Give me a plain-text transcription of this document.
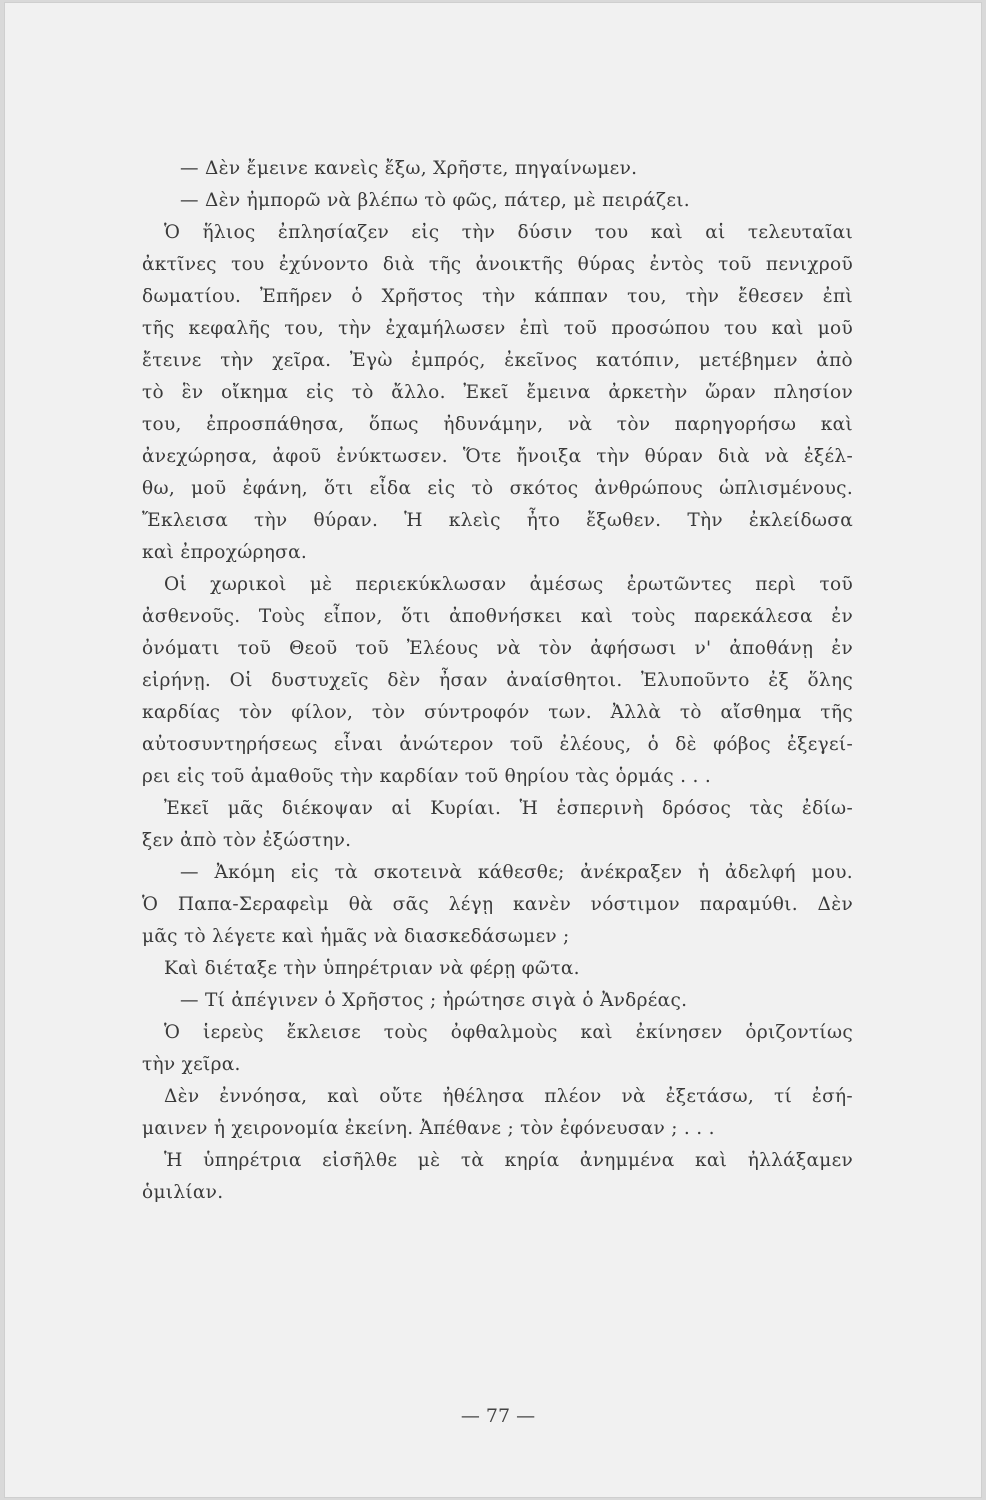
— Δὲν ἔμεινε κανεὶς ἔξω, Χρῆστε, πηγαίνωμεν.
— Δὲν ἠμπορῶ νὰ βλέπω τὸ φῶς, πάτερ, μὲ πειράζει.
Ὁ ἥλιος ἐπλησίαζεν εἰς τὴν δύσιν του καὶ αἱ τελευταῖαι
ἀκτῖνες του ἐχύνοντο διὰ τῆς ἀνοικτῆς θύρας ἐντὸς τοῦ πενιχροῦ
δωματίου. Ἐπῆρεν ὁ Χρῆστος τὴν κάππαν του, τὴν ἔθεσεν ἐπὶ
τῆς κεφαλῆς του, τὴν ἐχαμήλωσεν ἐπὶ τοῦ προσώπου του καὶ μοῦ
ἔτεινε τὴν χεῖρα. Ἐγὼ ἐμπρός, ἐκεῖνος κατόπιν, μετέβημεν ἀπὸ
τὸ ἓν οἴκημα εἰς τὸ ἄλλο. Ἐκεῖ ἔμεινα ἀρκετὴν ὥραν πλησίον
του, ἐπροσπάθησα, ὅπως ἠδυνάμην, νὰ τὸν παρηγορήσω καὶ
ἀνεχώρησα, ἀφοῦ ἐνύκτωσεν. Ὅτε ἤνοιξα τὴν θύραν διὰ νὰ ἐξέλ-
θω, μοῦ ἐφάνη, ὅτι εἶδα εἰς τὸ σκότος ἀνθρώπους ὡπλισμένους.
Ἔκλεισα τὴν θύραν. Ἡ κλεὶς ἦτο ἔξωθεν. Τὴν ἐκλείδωσα
καὶ ἐπροχώρησα.
Οἱ χωρικοὶ μὲ περιεκύκλωσαν ἀμέσως ἐρωτῶντες περὶ τοῦ
ἀσθενοῦς. Τοὺς εἶπον, ὅτι ἀποθνήσκει καὶ τοὺς παρεκάλεσα ἐν
ὀνόματι τοῦ Θεοῦ τοῦ Ἐλέους νὰ τὸν ἀφήσωσι ν' ἀποθάνῃ ἐν
εἰρήνῃ. Οἱ δυστυχεῖς δὲν ἦσαν ἀναίσθητοι. Ἐλυποῦντο ἐξ ὅλης
καρδίας τὸν φίλον, τὸν σύντροφόν των. Ἀλλὰ τὸ αἴσθημα τῆς
αὐτοσυντηρήσεως εἶναι ἀνώτερον τοῦ ἐλέους, ὁ δὲ φόβος ἐξεγεί-
ρει εἰς τοῦ ἀμαθοῦς τὴν καρδίαν τοῦ θηρίου τὰς ὁρμάς . . .
Ἐκεῖ μᾶς διέκοψαν αἱ Κυρίαι. Ἡ ἑσπερινὴ δρόσος τὰς ἐδίω-
ξεν ἀπὸ τὸν ἐξώστην.
— Ἀκόμη εἰς τὰ σκοτεινὰ κάθεσθε; ἀνέκραξεν ἡ ἀδελφή μου.
Ὁ Παπα-Σεραφεὶμ θὰ σᾶς λέγῃ κανὲν νόστιμον παραμύθι. Δὲν
μᾶς τὸ λέγετε καὶ ἡμᾶς νὰ διασκεδάσωμεν ;
Καὶ διέταξε τὴν ὑπηρέτριαν νὰ φέρῃ φῶτα.
— Τί ἀπέγινεν ὁ Χρῆστος ; ἠρώτησε σιγὰ ὁ Ἀνδρέας.
Ὁ ἱερεὺς ἔκλεισε τοὺς ὀφθαλμοὺς καὶ ἐκίνησεν ὁριζοντίως
τὴν χεῖρα.
Δὲν ἐννόησα, καὶ οὔτε ἠθέλησα πλέον νὰ ἐξετάσω, τί ἐσή-
μαινεν ἡ χειρονομία ἐκείνη. Ἀπέθανε ; τὸν ἐφόνευσαν ; . . .
Ἡ ὑπηρέτρια εἰσῆλθε μὲ τὰ κηρία ἀνημμένα καὶ ἠλλάξαμεν
ὁμιλίαν.
— 77 —
